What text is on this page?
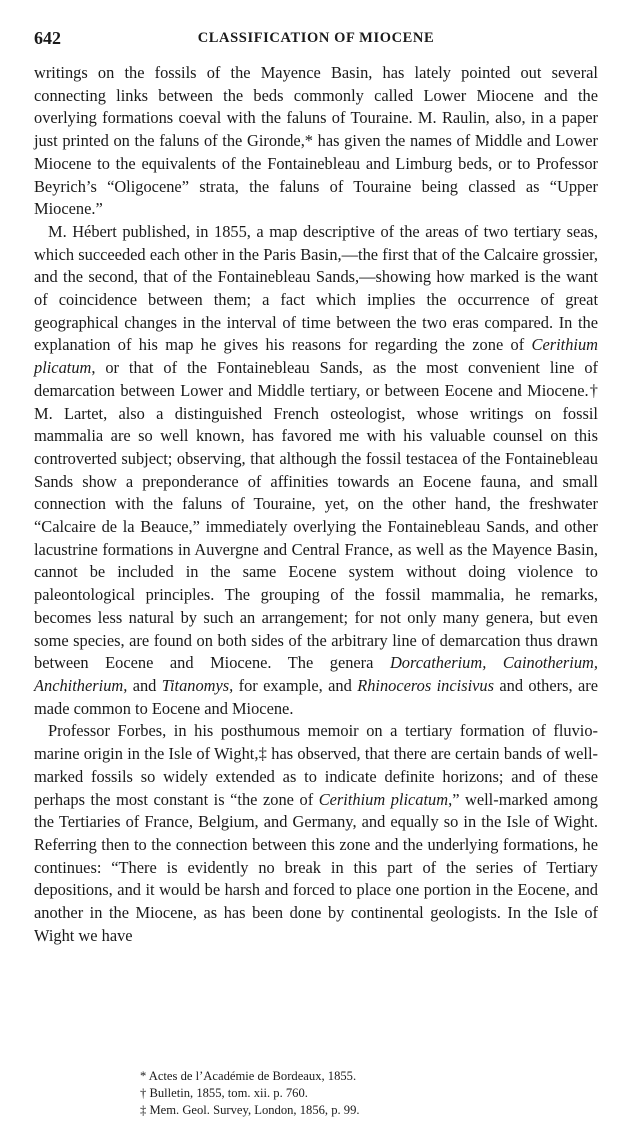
642	CLASSIFICATION OF MIOCENE

writings on the fossils of the Mayence Basin, has lately pointed out several connecting links between the beds commonly called Lower Miocene and the overlying formations coeval with the faluns of Touraine. M. Raulin, also, in a paper just printed on the faluns of the Gironde,* has given the names of Middle and Lower Miocene to the equivalents of the Fontainebleau and Limburg beds, or to Professor Beyrich’s “Oligocene” strata, the faluns of Touraine being classed as “Upper Miocene.”

M. Hébert published, in 1855, a map descriptive of the areas of two tertiary seas, which succeeded each other in the Paris Basin,—the first that of the Calcaire grossier, and the second, that of the Fontainebleau Sands,—showing how marked is the want of coincidence between them; a fact which implies the occurrence of great geographical changes in the interval of time between the two eras compared. In the explanation of his map he gives his reasons for regarding the zone of Cerithium plicatum, or that of the Fontainebleau Sands, as the most convenient line of demarcation between Lower and Middle tertiary, or between Eocene and Miocene.† M. Lartet, also a distinguished French osteologist, whose writings on fossil mammalia are so well known, has favored me with his valuable counsel on this controverted subject; observing, that although the fossil testacea of the Fontainebleau Sands show a preponderance of affinities towards an Eocene fauna, and small connection with the faluns of Touraine, yet, on the other hand, the freshwater “Calcaire de la Beauce,” immediately overlying the Fontainebleau Sands, and other lacustrine formations in Auvergne and Central France, as well as the Mayence Basin, cannot be included in the same Eocene system without doing violence to paleontological principles. The grouping of the fossil mammalia, he remarks, becomes less natural by such an arrangement; for not only many genera, but even some species, are found on both sides of the arbitrary line of demarcation thus drawn between Eocene and Miocene. The genera Dorcatherium, Cainotherium, Anchitherium, and Titanomys, for example, and Rhinoceros incisivus and others, are made common to Eocene and Miocene.

Professor Forbes, in his posthumous memoir on a tertiary formation of fluvio-marine origin in the Isle of Wight,‡ has observed, that there are certain bands of well-marked fossils so widely extended as to indicate definite horizons; and of these perhaps the most constant is “the zone of Cerithium plicatum,” well-marked among the Tertiaries of France, Belgium, and Germany, and equally so in the Isle of Wight. Referring then to the connection between this zone and the underlying formations, he continues: “There is evidently no break in this part of the series of Tertiary depositions, and it would be harsh and forced to place one portion in the Eocene, and another in the Miocene, as has been done by continental geologists. In the Isle of Wight we have

* Actes de l’Académie de Bordeaux, 1855.

† Bulletin, 1855, tom. xii. p. 760.

‡ Mem. Geol. Survey, London, 1856, p. 99.
